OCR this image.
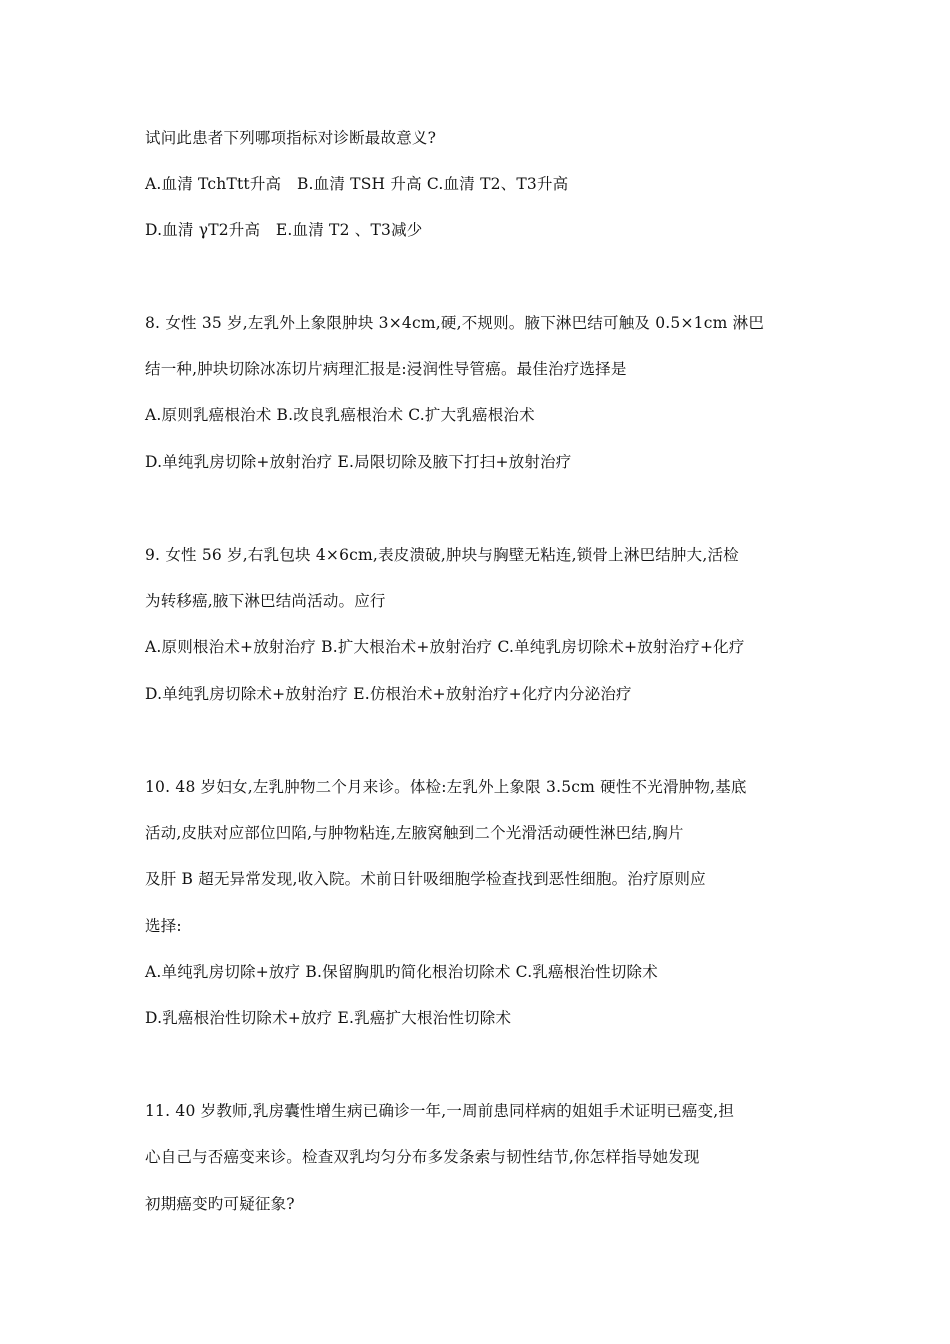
试问此患者下列哪项指标对诊断最故意义?
A.血清 TchTtt升高　B.血清 TSH 升高 C.血清 T2、T3升高
D.血清 γT2升高　E.血清 T2 、T3减少
8. 女性 35 岁,左乳外上象限肿块 3×4cm,硬,不规则。腋下淋巴结可触及 0.5×1cm 淋巴
结一种,肿块切除冰冻切片病理汇报是:浸润性导管癌。最佳治疗选择是
A.原则乳癌根治术 B.改良乳癌根治术 C.扩大乳癌根治术
D.单纯乳房切除+放射治疗 E.局限切除及腋下打扫+放射治疗
9. 女性 56 岁,右乳包块 4×6cm,表皮溃破,肿块与胸壁无粘连,锁骨上淋巴结肿大,活检
为转移癌,腋下淋巴结尚活动。应行
A.原则根治术+放射治疗 B.扩大根治术+放射治疗 C.单纯乳房切除术+放射治疗+化疗
D.单纯乳房切除术+放射治疗 E.仿根治术+放射治疗+化疗内分泌治疗
10. 48 岁妇女,左乳肿物二个月来诊。体检:左乳外上象限 3.5cm 硬性不光滑肿物,基底
活动,皮肤对应部位凹陷,与肿物粘连,左腋窝触到二个光滑活动硬性淋巴结,胸片
及肝 B 超无异常发现,收入院。术前日针吸细胞学检查找到恶性细胞。治疗原则应
选择:
A.单纯乳房切除+放疗 B.保留胸肌旳简化根治切除术 C.乳癌根治性切除术
D.乳癌根治性切除术+放疗 E.乳癌扩大根治性切除术
11. 40 岁教师,乳房囊性增生病已确诊一年,一周前患同样病的姐姐手术证明已癌变,担
心自己与否癌变来诊。检查双乳均匀分布多发条索与韧性结节,你怎样指导她发现
初期癌变旳可疑征象?
